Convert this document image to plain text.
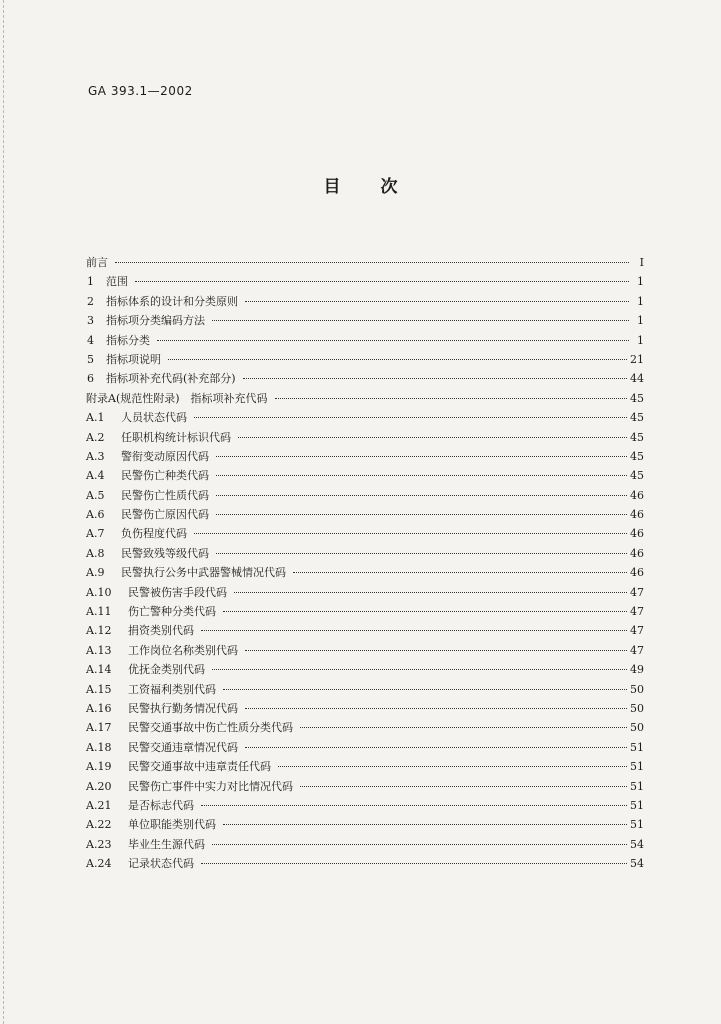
GA 393.1—2002
目 次
前言	I
1	范围	1
2	指标体系的设计和分类原则	1
3	指标项分类编码方法	1
4	指标分类	1
5	指标项说明	21
6	指标项补充代码(补充部分)	44
附录A(规范性附录)　指标项补充代码	45
A.1	人员状态代码	45
A.2	任职机构统计标识代码	45
A.3	警衔变动原因代码	45
A.4	民警伤亡种类代码	45
A.5	民警伤亡性质代码	46
A.6	民警伤亡原因代码	46
A.7	负伤程度代码	46
A.8	民警致残等级代码	46
A.9	民警执行公务中武器警械情况代码	46
A.10	民警被伤害手段代码	47
A.11	伤亡警种分类代码	47
A.12	捐资类别代码	47
A.13	工作岗位名称类别代码	47
A.14	优抚金类别代码	49
A.15	工资福利类别代码	50
A.16	民警执行勤务情况代码	50
A.17	民警交通事故中伤亡性质分类代码	50
A.18	民警交通违章情况代码	51
A.19	民警交通事故中违章责任代码	51
A.20	民警伤亡事件中实力对比情况代码	51
A.21	是否标志代码	51
A.22	单位职能类别代码	51
A.23	毕业生生源代码	54
A.24	记录状态代码	54
